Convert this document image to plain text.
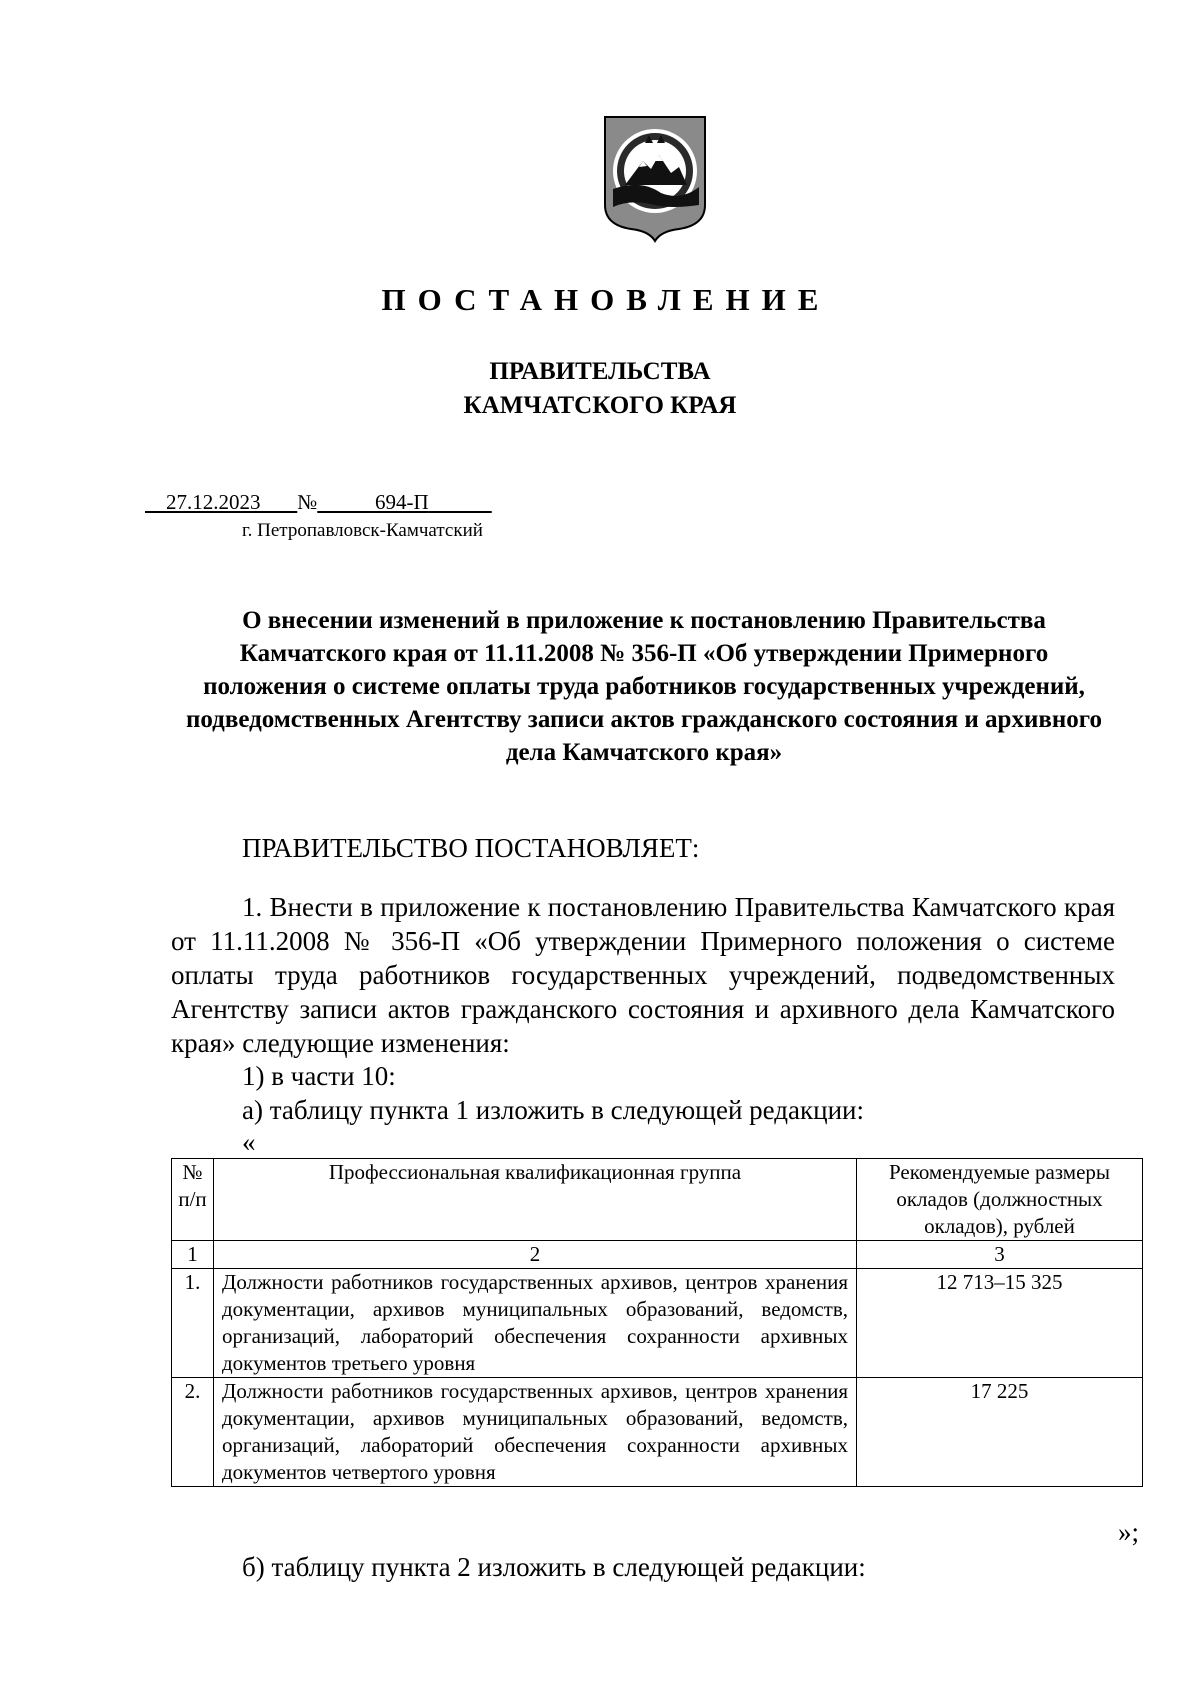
ПОСТАНОВЛЕНИЕ
ПРАВИТЕЛЬСТВА
КАМЧАТСКОГО КРАЯ
27.12.2023 №	694-П
г. Петропавловск-Камчатский
О внесении изменений в приложение к постановлению Правительства Камчатского края от 11.11.2008 № 356-П «Об утверждении Примерного положения о системе оплаты труда работников государственных учреждений, подведомственных Агентству записи актов гражданского состояния и архивного дела Камчатского края»
ПРАВИТЕЛЬСТВО ПОСТАНОВЛЯЕТ:
1. Внести в приложение к постановлению Правительства Камчатского края от 11.11.2008 № 356-П «Об утверждении Примерного положения о системе оплаты труда работников государственных учреждений, подведомственных Агентству записи актов гражданского состояния и архивного дела Камчатского края» следующие изменения:
1) в части 10:
а) таблицу пункта 1 изложить в следующей редакции:
«
№ п/п	Профессиональная квалификационная группа	Рекомендуемые размеры окладов (должностных окладов), рублей
1	2	3
1.	Должности работников государственных архивов, центров хранения документации, архивов муниципальных образований, ведомств, организаций, лабораторий обеспечения сохранности архивных документов третьего уровня	12 713–15 325
2.	Должности работников государственных архивов, центров хранения документации, архивов муниципальных образований, ведомств, организаций, лабораторий обеспечения сохранности архивных документов четвертого уровня	17 225
»;
б) таблицу пункта 2 изложить в следующей редакции:
